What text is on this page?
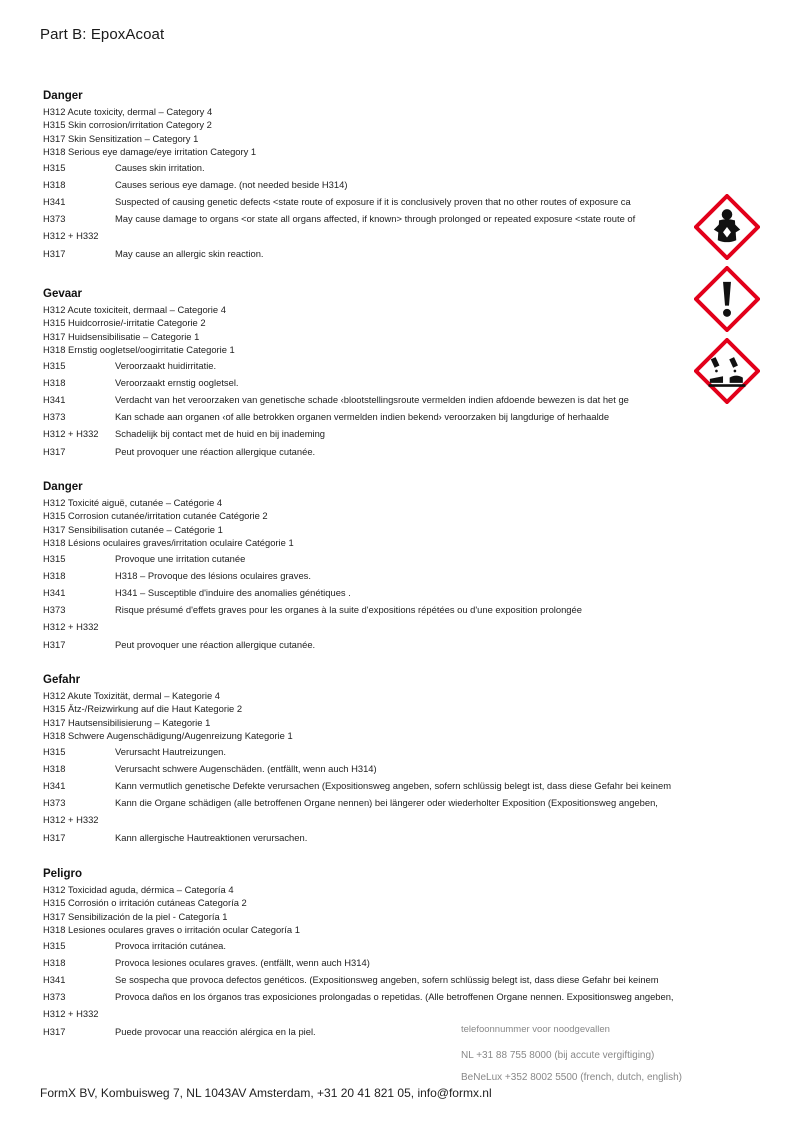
Part B: EpoxAcoat
Danger
H312 Acute toxicity, dermal – Category 4
H315 Skin corrosion/irritation Category 2
H317 Skin Sensitization – Category 1
H318 Serious eye damage/eye irritation Category 1
H315	Causes skin irritation.
H318	Causes serious eye damage. (not needed beside H314)
H341	Suspected of causing genetic defects <state route of exposure if it is conclusively proven that no other routes of exposure ca
H373	May cause damage to organs <or state all organs affected, if known> through prolonged or repeated exposure <state route of
H312 + H332
H317	May cause an allergic skin reaction.
Gevaar
H312 Acute toxiciteit, dermaal – Categorie 4
H315 Huidcorrosie/-irritatie Categorie 2
H317 Huidsensibilisatie – Categorie 1
H318 Ernstig oogletsel/oogirritatie Categorie 1
H315	Veroorzaakt huidirritatie.
H318	Veroorzaakt ernstig oogletsel.
H341	Verdacht van het veroorzaken van genetische schade ‹blootstellingsroute vermelden indien afdoende bewezen is dat het ge
H373	Kan schade aan organen ‹of alle betrokken organen vermelden indien bekend› veroorzaken bij langdurige of herhaalde
H312 + H332	Schadelijk bij contact met de huid en bij inademing
H317	Peut provoquer une réaction allergique cutanée.
Danger
H312 Toxicité aiguë, cutanée – Catégorie 4
H315 Corrosion cutanée/irritation cutanée Catégorie 2
H317 Sensibilisation cutanée – Catégorie 1
H318 Lésions oculaires graves/irritation oculaire Catégorie 1
H315	Provoque une irritation cutanée
H318	H318 – Provoque des lésions oculaires graves.
H341	H341 – Susceptible d'induire des anomalies génétiques .
H373	Risque présumé d'effets graves pour les organes à la suite d'expositions répétées ou d'une exposition prolongée
H312 + H332
H317	Peut provoquer une réaction allergique cutanée.
Gefahr
H312 Akute Toxizität, dermal – Kategorie 4
H315 Ätz-/Reizwirkung auf die Haut Kategorie 2
H317 Hautsensibilisierung – Kategorie 1
H318 Schwere Augenschädigung/Augenreizung Kategorie 1
H315	Verursacht Hautreizungen.
H318	Verursacht schwere Augenschäden. (entfällt, wenn auch H314)
H341	Kann vermutlich genetische Defekte verursachen (Expositionsweg angeben, sofern schlüssig belegt ist, dass diese Gefahr bei keinem
H373	Kann die Organe schädigen (alle betroffenen Organe nennen) bei längerer oder wiederholter Exposition (Expositionsweg angeben,
H312 + H332
H317	Kann allergische Hautreaktionen verursachen.
Peligro
H312 Toxicidad aguda, dérmica – Categoría 4
H315 Corrosión o irritación cutáneas Categoría 2
H317 Sensibilización de la piel - Categoría 1
H318 Lesiones oculares graves o irritación ocular Categoría 1
H315	Provoca irritación cutánea.
H318	Provoca lesiones oculares graves. (entfällt, wenn auch H314)
H341	Se sospecha que provoca defectos genéticos. (Expositionsweg angeben, sofern schlüssig belegt ist, dass diese Gefahr bei keinem
H373	Provoca daños en los órganos tras exposiciones prolongadas o repetidas. (Alle betroffenen Organe nennen. Expositionsweg angeben,
H312 + H332
H317	Puede provocar una reacción alérgica en la piel.
	telefoonnummer voor noodgevallen
NL +31 88 755 8000 (bij accute vergiftiging)
BeNeLux +352 8002 5500 (french, dutch, english)
FormX BV, Kombuisweg 7, NL 1043AV Amsterdam, +31 20 41 821 05, info@formx.nl
